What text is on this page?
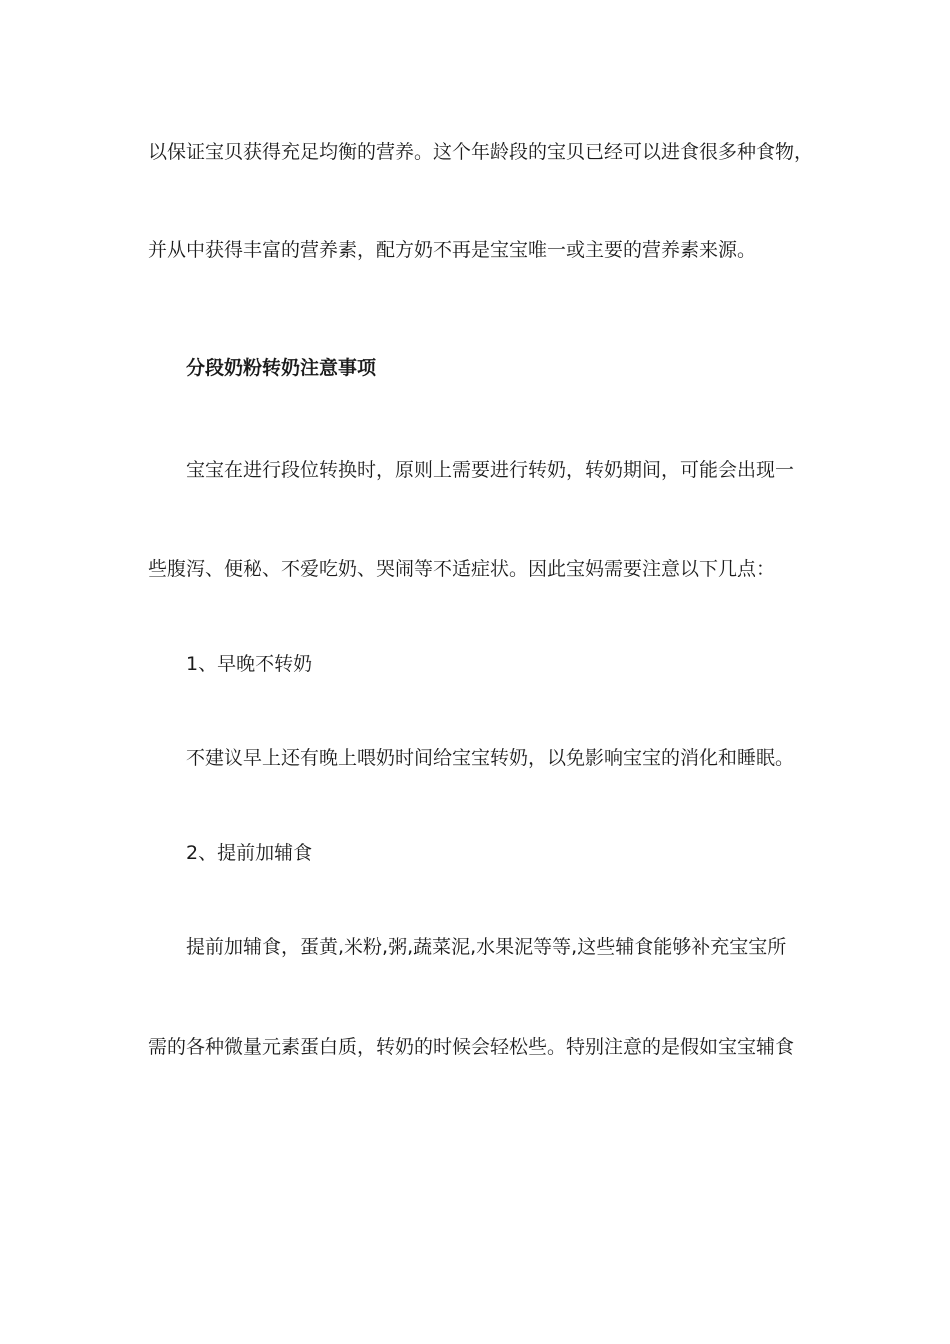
以保证宝贝获得充足均衡的营养。这个年龄段的宝贝已经可以进食很多种食物，
并从中获得丰富的营养素，配方奶不再是宝宝唯一或主要的营养素来源。
分段奶粉转奶注意事项
宝宝在进行段位转换时，原则上需要进行转奶，转奶期间，可能会出现一
些腹泻、便秘、不爱吃奶、哭闹等不适症状。因此宝妈需要注意以下几点：
1、早晚不转奶
不建议早上还有晚上喂奶时间给宝宝转奶，以免影响宝宝的消化和睡眠。
2、提前加辅食
提前加辅食，蛋黄,米粉,粥,蔬菜泥,水果泥等等,这些辅食能够补充宝宝所
需的各种微量元素蛋白质，转奶的时候会轻松些。特别注意的是假如宝宝辅食
